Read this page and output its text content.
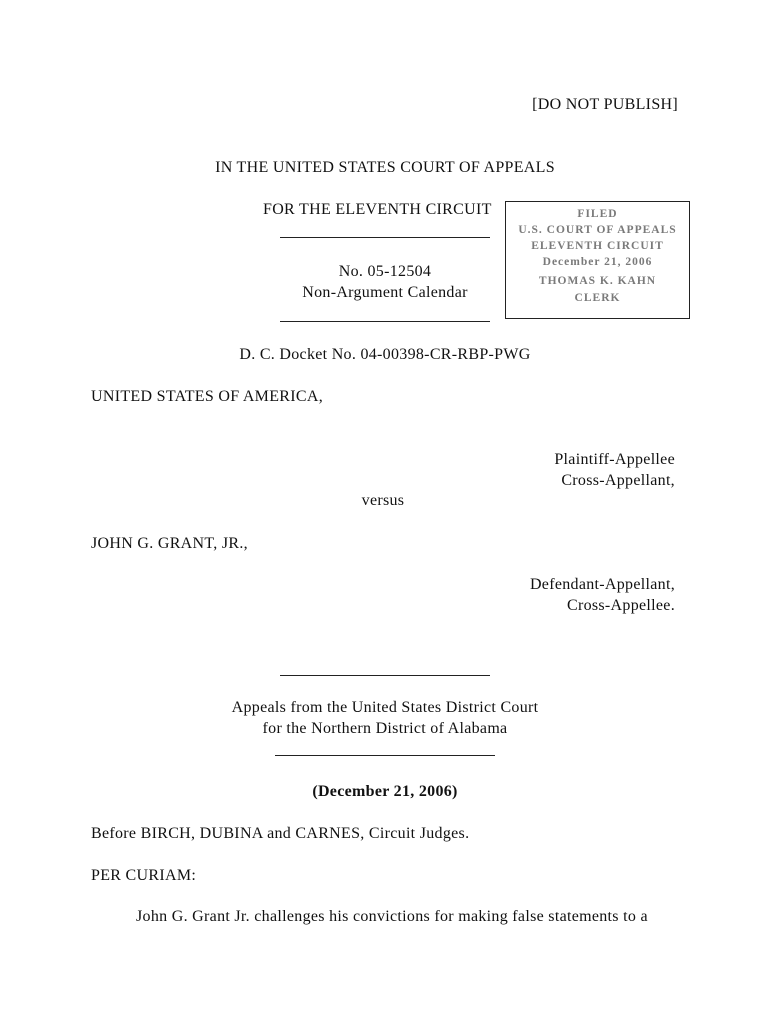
[DO NOT PUBLISH]
IN THE UNITED STATES COURT OF APPEALS
FOR THE ELEVENTH CIRCUIT
No. 05-12504
Non-Argument Calendar
FILED
U.S. COURT OF APPEALS
ELEVENTH CIRCUIT
December 21, 2006
THOMAS K. KAHN
CLERK
D. C. Docket No. 04-00398-CR-RBP-PWG
UNITED STATES OF AMERICA,
Plaintiff-Appellee
Cross-Appellant,
versus
JOHN G. GRANT, JR.,
Defendant-Appellant,
Cross-Appellee.
Appeals from the United States District Court
for the Northern District of Alabama
(December 21, 2006)
Before BIRCH, DUBINA and CARNES, Circuit Judges.
PER CURIAM:
John G. Grant Jr. challenges his convictions for making false statements to a
